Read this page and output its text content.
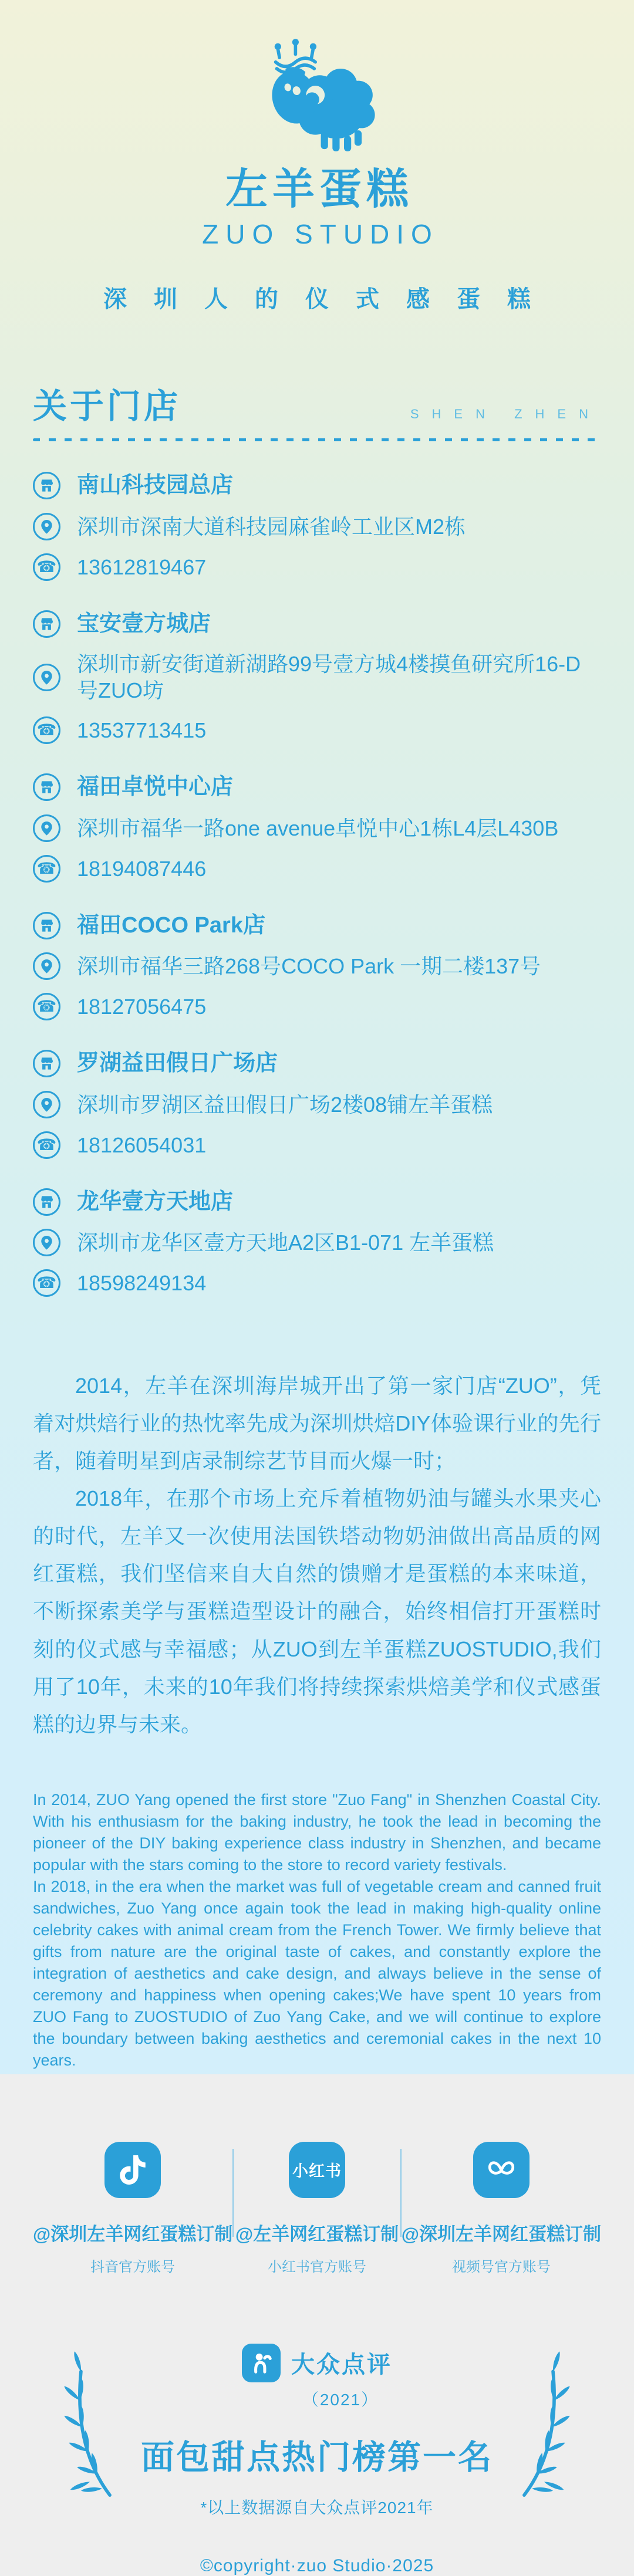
左羊蛋糕
ZUO STUDIO
深圳人的仪式感蛋糕
关于门店	SHEN ZHEN
南山科技园总店
深圳市深南大道科技园麻雀岭工业区M2栋
☎ 13612819467
宝安壹方城店
深圳市新安街道新湖路99号壹方城4楼摸鱼研究所16-D号ZUO坊
☎ 13537713415
福田卓悦中心店
深圳市福华一路one avenue卓悦中心1栋L4层L430B
☎ 18194087446
福田COCO Park店
深圳市福华三路268号COCO Park 一期二楼137号
☎ 18127056475
罗湖益田假日广场店
深圳市罗湖区益田假日广场2楼08铺左羊蛋糕
☎ 18126054031
龙华壹方天地店
深圳市龙华区壹方天地A2区B1-071 左羊蛋糕
☎ 18598249134

2014，左羊在深圳海岸城开出了第一家门店“ZUO”，凭着对烘焙行业的热忱率先成为深圳烘焙DIY体验课行业的先行者，随着明星到店录制综艺节目而火爆一时；

2018年，在那个市场上充斥着植物奶油与罐头水果夹心的时代，左羊又一次使用法国铁塔动物奶油做出高品质的网红蛋糕，我们坚信来自大自然的馈赠才是蛋糕的本来味道，不断探索美学与蛋糕造型设计的融合，始终相信打开蛋糕时刻的仪式感与幸福感；从ZUO到左羊蛋糕ZUOSTUDIO,我们用了10年，未来的10年我们将持续探索烘焙美学和仪式感蛋糕的边界与未来。

In 2014, ZUO Yang opened the first store "Zuo Fang" in Shenzhen Coastal City. With his enthusiasm for the baking industry, he took the lead in becoming the pioneer of the DIY baking experience class industry in Shenzhen, and became popular with the stars coming to the store to record variety festivals.

In 2018, in the era when the market was full of vegetable cream and canned fruit sandwiches, Zuo Yang once again took the lead in making high-quality online celebrity cakes with animal cream from the French Tower. We firmly believe that gifts from nature are the original taste of cakes, and constantly explore the integration of aesthetics and cake design, and always believe in the sense of ceremony and happiness when opening cakes;We have spent 10 years from ZUO Fang to ZUOSTUDIO of Zuo Yang Cake, and we will continue to explore the boundary between baking aesthetics and ceremonial cakes in the next 10 years.

@深圳左羊网红蛋糕订制
抖音官方账号
小红书
@左羊网红蛋糕订制
小红书官方账号
@深圳左羊网红蛋糕订制
视频号官方账号
大众点评
（2021）
面包甜点热门榜第一名
*以上数据源自大众点评2021年
©copyright·zuo Studio·2025
